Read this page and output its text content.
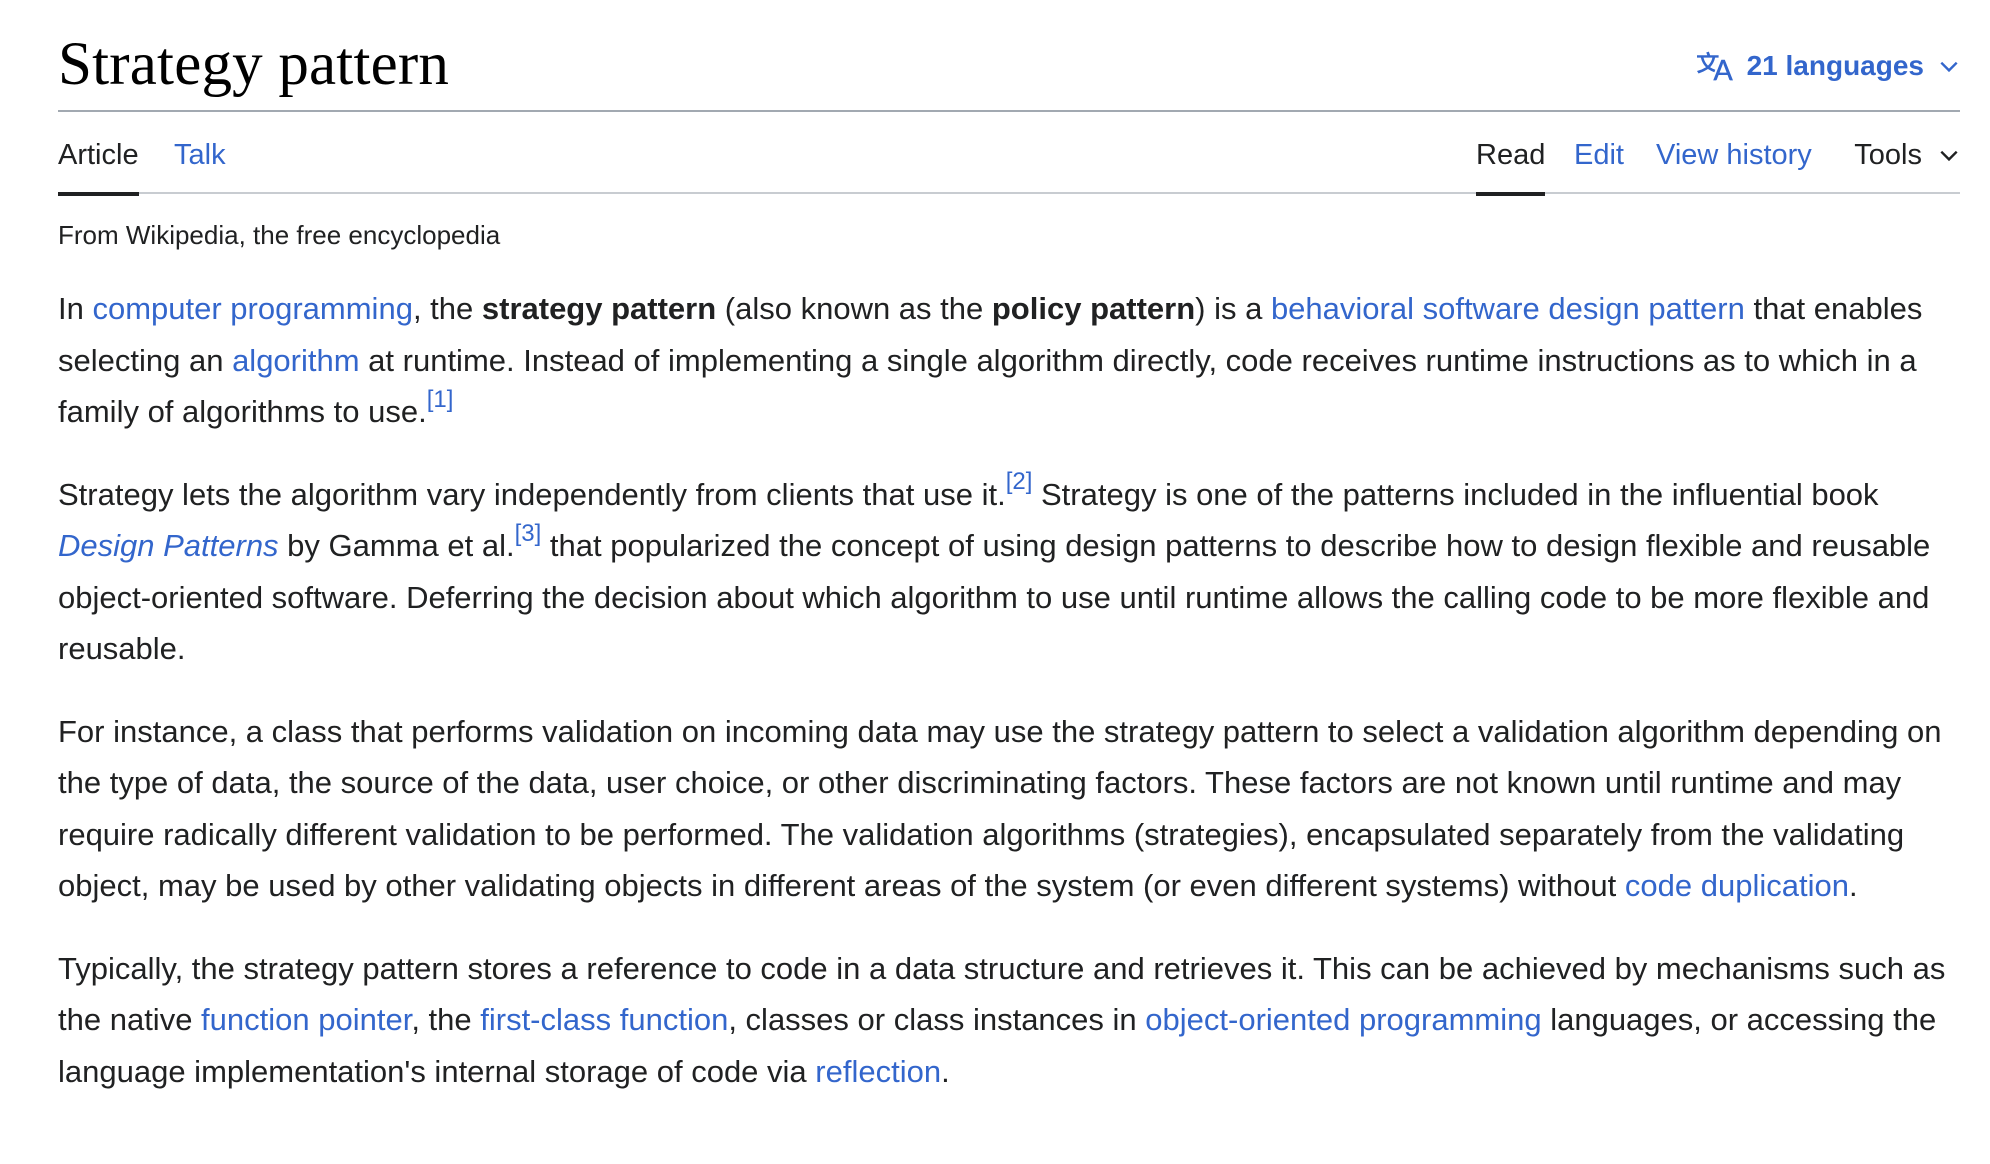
Strategy pattern	21 languages
Article Talk	Read Edit View history Tools
From Wikipedia, the free encyclopedia

In computer programming, the strategy pattern (also known as the policy pattern) is a behavioral software design pattern that enables selecting an algorithm at runtime. Instead of implementing a single algorithm directly, code receives runtime instructions as to which in a family of algorithms to use.[1]

Strategy lets the algorithm vary independently from clients that use it.[2] Strategy is one of the patterns included in the influential book Design Patterns by Gamma et al.[3] that popularized the concept of using design patterns to describe how to design flexible and reusable object-oriented software. Deferring the decision about which algorithm to use until runtime allows the calling code to be more flexible and reusable.

For instance, a class that performs validation on incoming data may use the strategy pattern to select a validation algorithm depending on the type of data, the source of the data, user choice, or other discriminating factors. These factors are not known until runtime and may require radically different validation to be performed. The validation algorithms (strategies), encapsulated separately from the validating object, may be used by other validating objects in different areas of the system (or even different systems) without code duplication.

Typically, the strategy pattern stores a reference to code in a data structure and retrieves it. This can be achieved by mechanisms such as the native function pointer, the first-class function, classes or class instances in object-oriented programming languages, or accessing the language implementation's internal storage of code via reflection.
